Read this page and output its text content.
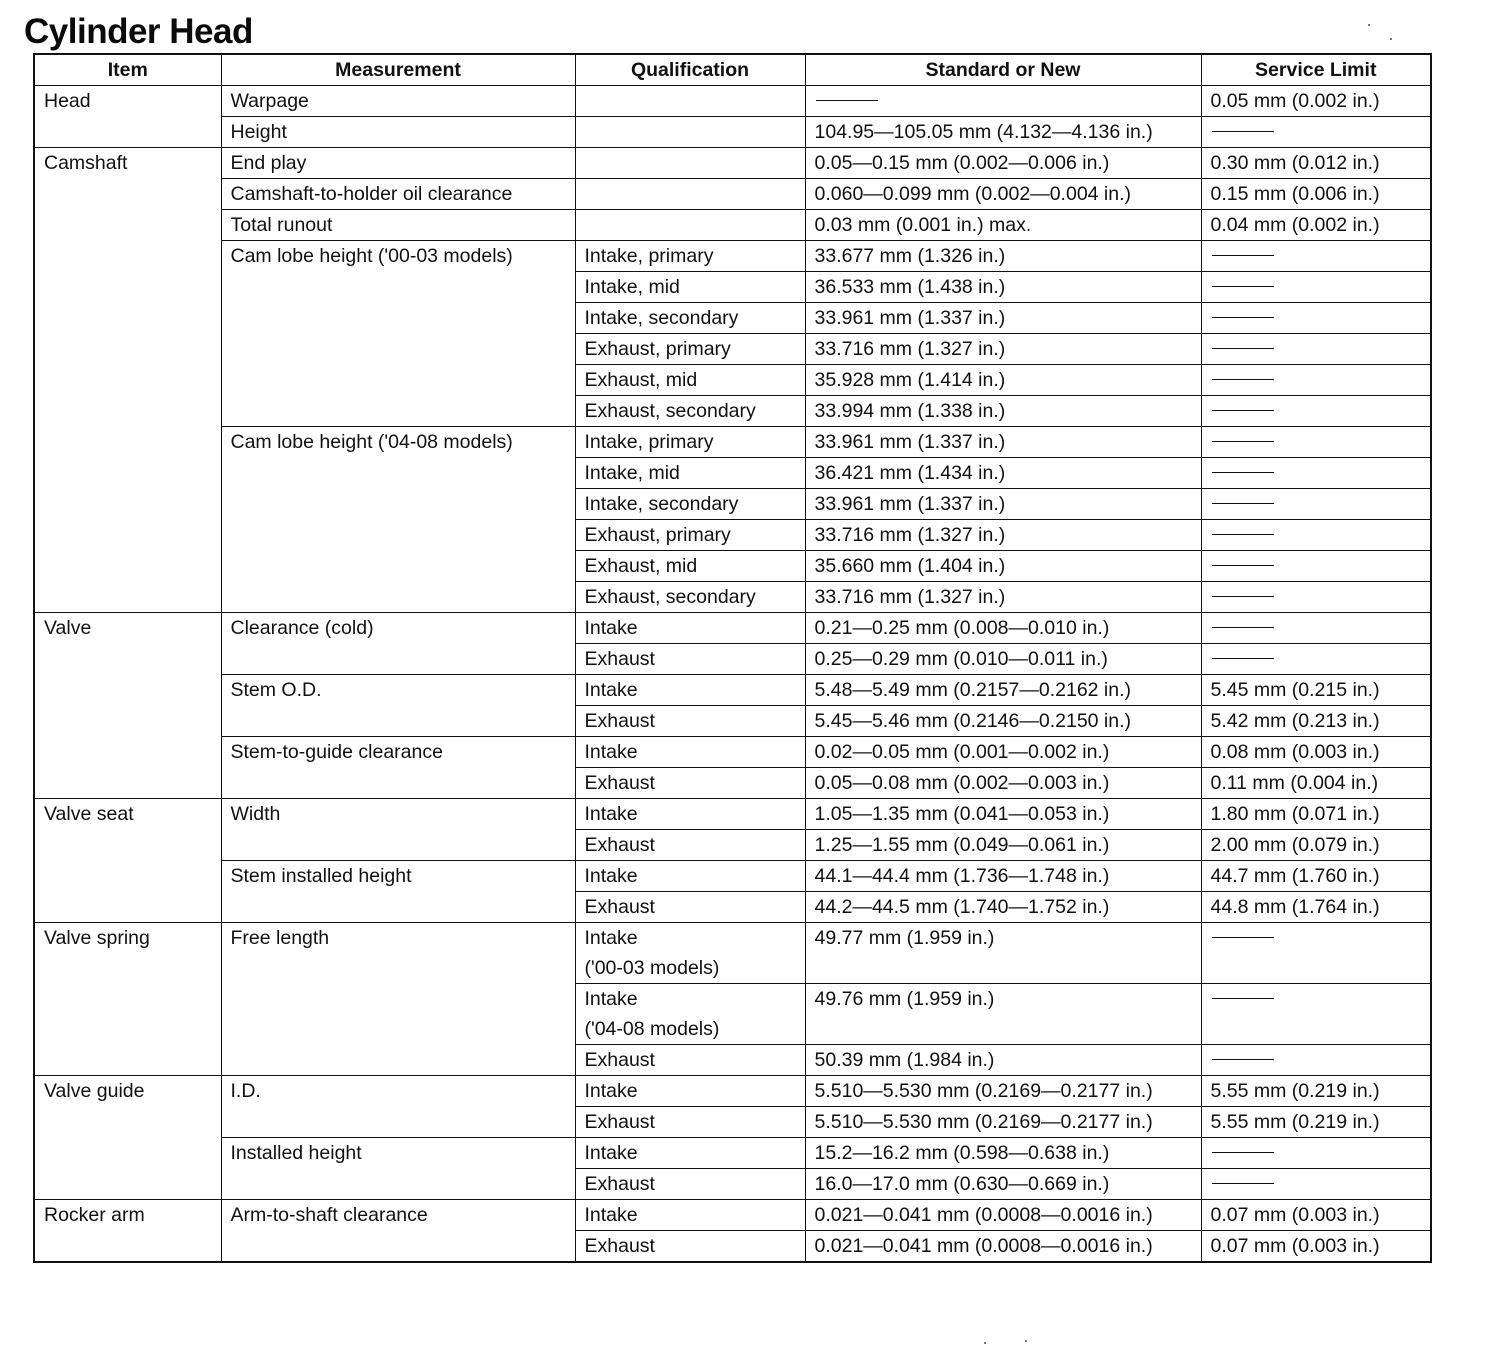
Cylinder Head
Item	Measurement	Qualification	Standard or New	Service Limit
Head	Warpage			0.05 mm (0.002 in.)
	Height		104.95—105.05 mm (4.132—4.136 in.)	

Camshaft	End play		0.05—0.15 mm (0.002—0.006 in.)	0.30 mm (0.012 in.)
	Camshaft-to-holder oil clearance		0.060—0.099 mm (0.002—0.004 in.)	0.15 mm (0.006 in.)
	Total runout		0.03 mm (0.001 in.) max.	0.04 mm (0.002 in.)
	Cam lobe height ('00-03 models)	Intake, primary	33.677 mm (1.326 in.)	

		Intake, mid	36.533 mm (1.438 in.)	

		Intake, secondary	33.961 mm (1.337 in.)	

		Exhaust, primary	33.716 mm (1.327 in.)	

		Exhaust, mid	35.928 mm (1.414 in.)	

		Exhaust, secondary	33.994 mm (1.338 in.)	

	Cam lobe height ('04-08 models)	Intake, primary	33.961 mm (1.337 in.)	

		Intake, mid	36.421 mm (1.434 in.)	

		Intake, secondary	33.961 mm (1.337 in.)	

		Exhaust, primary	33.716 mm (1.327 in.)	

		Exhaust, mid	35.660 mm (1.404 in.)	

		Exhaust, secondary	33.716 mm (1.327 in.)	

Valve	Clearance (cold)	Intake	0.21—0.25 mm (0.008—0.010 in.)	

		Exhaust	0.25—0.29 mm (0.010—0.011 in.)	

	Stem O.D.	Intake	5.48—5.49 mm (0.2157—0.2162 in.)	5.45 mm (0.215 in.)
		Exhaust	5.45—5.46 mm (0.2146—0.2150 in.)	5.42 mm (0.213 in.)
	Stem-to-guide clearance	Intake	0.02—0.05 mm (0.001—0.002 in.)	0.08 mm (0.003 in.)
		Exhaust	0.05—0.08 mm (0.002—0.003 in.)	0.11 mm (0.004 in.)
Valve seat	Width	Intake	1.05—1.35 mm (0.041—0.053 in.)	1.80 mm (0.071 in.)
		Exhaust	1.25—1.55 mm (0.049—0.061 in.)	2.00 mm (0.079 in.)
	Stem installed height	Intake	44.1—44.4 mm (1.736—1.748 in.)	44.7 mm (1.760 in.)
		Exhaust	44.2—44.5 mm (1.740—1.752 in.)	44.8 mm (1.764 in.)
Valve spring	Free length	Intake	49.77 mm (1.959 in.)	

		('00-03 models)		
		Intake	49.76 mm (1.959 in.)	

		('04-08 models)		
		Exhaust	50.39 mm (1.984 in.)	

Valve guide	I.D.	Intake	5.510—5.530 mm (0.2169—0.2177 in.)	5.55 mm (0.219 in.)
		Exhaust	5.510—5.530 mm (0.2169—0.2177 in.)	5.55 mm (0.219 in.)
	Installed height	Intake	15.2—16.2 mm (0.598—0.638 in.)	

		Exhaust	16.0—17.0 mm (0.630—0.669 in.)	

Rocker arm	Arm-to-shaft clearance	Intake	0.021—0.041 mm (0.0008—0.0016 in.)	0.07 mm (0.003 in.)
		Exhaust	0.021—0.041 mm (0.0008—0.0016 in.)	0.07 mm (0.003 in.)
